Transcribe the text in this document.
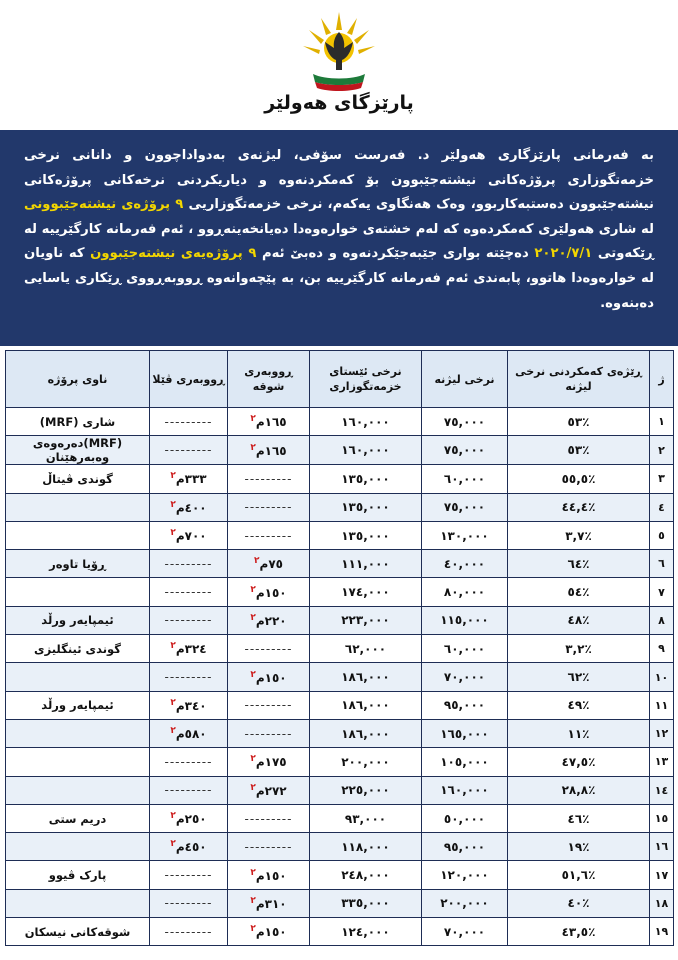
پارێزگای هەولێر
بە فەرمانی پارێزگاری هەولێر د. فەرست سۆفی، لیژنەی بەدواداچوون و دانانی نرخی خزمەتگوزاری پرۆژەکانی نیشتەجێبوون بۆ کەمکردنەوە و دیاریکردنی نرخەکانی پرۆژەکانی نیشتەجێبوون دەستبەکاربوو، وەک هەنگاوی یەکەم، نرخی خزمەتگوزاریی ٩ پرۆژەی نیشتەجێبوونی لە شاری هەولێری کەمکردەوە کە لەم خشتەی خوارەوەدا دەیانخەینەڕوو ، ئەم فەرمانە کارگێرییە لە ڕێکەوتی ٢٠٢٠/٧/١ دەچێتە بواری جێبەجێکردنەوە و دەبێ ئەم ٩ پرۆژەیەی نیشتەجێبوون کە ناویان لە خوارەوەدا هاتوو، پابەندی ئەم فەرمانە کارگێرییە بن، بە پێچەوانەوە ڕووبەڕووی ڕێکاری یاسایی دەبنەوە.
ژ	ڕێژەی کەمکردنی نرخی لیژنە	نرخی لیژنە	نرخی ئێستای خزمەتگوزاری	ڕووبەری شوقە	ڕووبەری ڤێلا	ناوی پرۆژە
١	٪٥٣	٧٥,٠٠٠	١٦٠,٠٠٠	١٦٥م$^٢$	---------	شاری (MRF)
٢	٪٥٣	٧٥,٠٠٠	١٦٠,٠٠٠	١٦٥م$^٢$	---------	(MRF)دەرەوەی وەبەرهێنان
٣	٪٥٥,٥	٦٠,٠٠٠	١٣٥,٠٠٠	---------	٣٣٣م$^٢$	گوندی ڤیتاڵ
٤	٪٤٤,٤	٧٥,٠٠٠	١٣٥,٠٠٠	---------	٤٠٠م$^٢$	
٥	٪٣,٧	١٣٠,٠٠٠	١٣٥,٠٠٠	---------	٧٠٠م$^٢$	
٦	٪٦٤	٤٠,٠٠٠	١١١,٠٠٠	٧٥م$^٢$	---------	ڕۆیا تاوەر
٧	٪٥٤	٨٠,٠٠٠	١٧٤,٠٠٠	١٥٠م$^٢$	---------	
٨	٪٤٨	١١٥,٠٠٠	٢٢٣,٠٠٠	٢٢٠م$^٢$	---------	ئیمپایەر ورڵد
٩	٪٣,٢	٦٠,٠٠٠	٦٢,٠٠٠	---------	٣٢٤م$^٢$	گوندی ئینگلیزی
١٠	٪٦٢	٧٠,٠٠٠	١٨٦,٠٠٠	١٥٠م$^٢$	---------	
١١	٪٤٩	٩٥,٠٠٠	١٨٦,٠٠٠	---------	٣٤٠م$^٢$	ئیمپایەر ورڵد
١٢	٪١١	١٦٥,٠٠٠	١٨٦,٠٠٠	---------	٥٨٠م$^٢$	
١٣	٪٤٧,٥	١٠٥,٠٠٠	٢٠٠,٠٠٠	١٧٥م$^٢$	---------	
١٤	٪٢٨,٨	١٦٠,٠٠٠	٢٢٥,٠٠٠	٢٧٢م$^٢$	---------	
١٥	٪٤٦	٥٠,٠٠٠	٩٣,٠٠٠	---------	٢٥٠م$^٢$	دریم ستی
١٦	٪١٩	٩٥,٠٠٠	١١٨,٠٠٠	---------	٤٥٠م$^٢$	
١٧	٪٥١,٦	١٢٠,٠٠٠	٢٤٨,٠٠٠	١٥٠م$^٢$	---------	پارک ڤیوو
١٨	٪٤٠	٢٠٠,٠٠٠	٣٣٥,٠٠٠	٣١٠م$^٢$	---------	
١٩	٪٤٣,٥	٧٠,٠٠٠	١٢٤,٠٠٠	١٥٠م$^٢$	---------	شوقەکانی نیسکان
